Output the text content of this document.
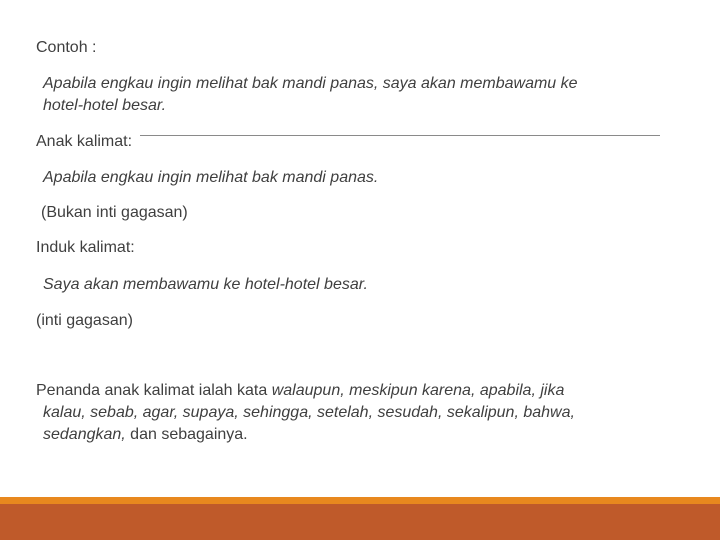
Contoh :
Apabila engkau ingin melihat bak mandi panas, saya akan membawamu ke
hotel-hotel besar.
Anak kalimat:
Apabila engkau ingin melihat bak mandi panas.
(Bukan inti gagasan)
Induk kalimat:
Saya akan membawamu ke hotel-hotel besar.
(inti gagasan)
Penanda anak kalimat ialah kata walaupun, meskipun karena, apabila, jika
kalau, sebab, agar, supaya, sehingga, setelah, sesudah, sekalipun, bahwa,
sedangkan, dan sebagainya.
